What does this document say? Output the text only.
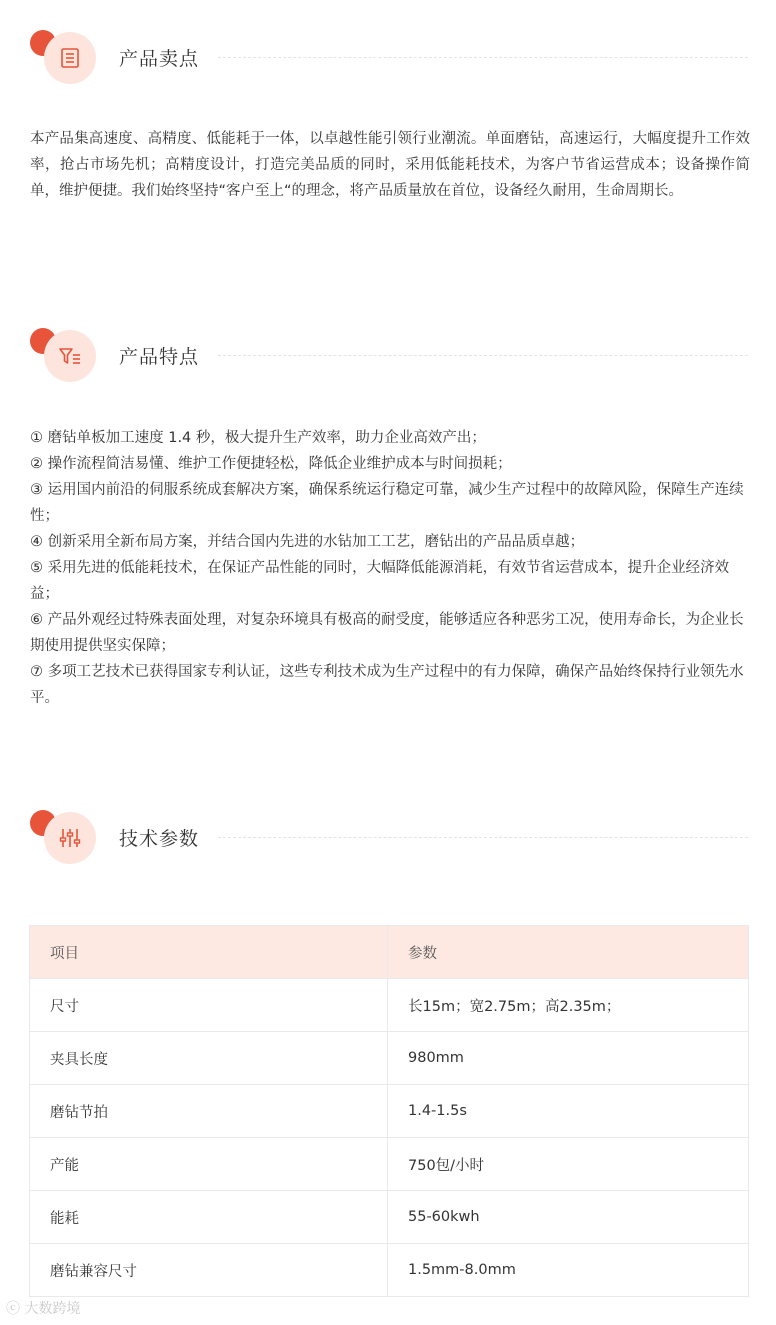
产品卖点

本产品集高速度、高精度、低能耗于一体，以卓越性能引领行业潮流。单面磨钻，高速运行，大幅度提升工作效率，抢占市场先机；高精度设计，打造完美品质的同时，采用低能耗技术，为客户节省运营成本；设备操作简单，维护便捷。我们始终坚持“客户至上“的理念，将产品质量放在首位，设备经久耐用，生命周期长。

产品特点
① 磨钻单板加工速度 1.4 秒，极大提升生产效率，助力企业高效产出；
② 操作流程简洁易懂、维护工作便捷轻松，降低企业维护成本与时间损耗；
③ 运用国内前沿的伺服系统成套解决方案，确保系统运行稳定可靠，减少生产过程中的故障风险，保障生产连续性；
④ 创新采用全新布局方案，并结合国内先进的水钻加工工艺，磨钻出的产品品质卓越；
⑤ 采用先进的低能耗技术，在保证产品性能的同时，大幅降低能源消耗，有效节省运营成本，提升企业经济效益；
⑥ 产品外观经过特殊表面处理，对复杂环境具有极高的耐受度，能够适应各种恶劣工况，使用寿命长，为企业长期使用提供坚实保障；
⑦ 多项工艺技术已获得国家专利认证，这些专利技术成为生产过程中的有力保障，确保产品始终保持行业领先水平。
技术参数
项目	参数
尺寸	长15m；宽2.75m；高2.35m；
夹具长度	980mm
磨钻节拍	1.4-1.5s
产能	750包/小时
能耗	55-60kwh
磨钻兼容尺寸	1.5mm-8.0mm
ⓒ 大数跨境
